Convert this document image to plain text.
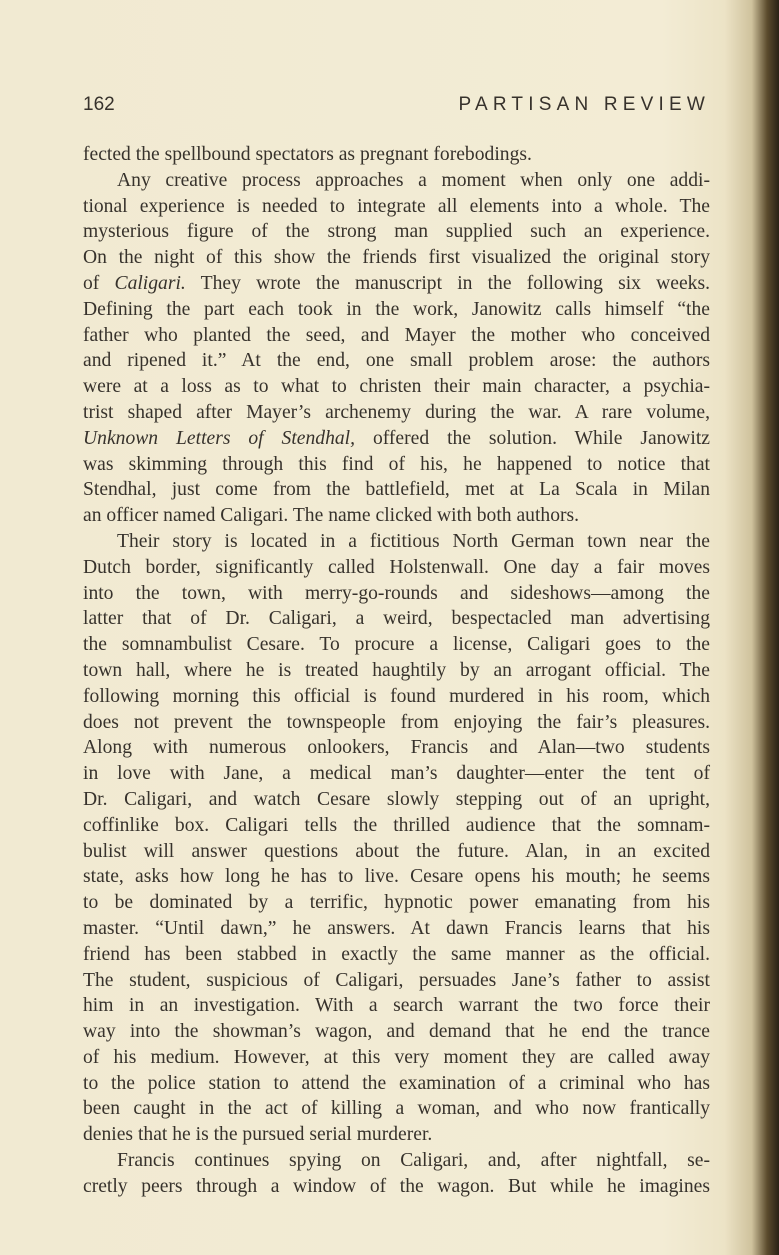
162	PARTISAN REVIEW
fected the spellbound spectators as pregnant forebodings.
Any creative process approaches a moment when only one addi-
tional experience is needed to integrate all elements into a whole. The
mysterious figure of the strong man supplied such an experience.
On the night of this show the friends first visualized the original story
of Caligari. They wrote the manuscript in the following six weeks.
Defining the part each took in the work, Janowitz calls himself “the
father who planted the seed, and Mayer the mother who conceived
and ripened it.” At the end, one small problem arose: the authors
were at a loss as to what to christen their main character, a psychia-
trist shaped after Mayer’s archenemy during the war. A rare volume,
Unknown Letters of Stendhal, offered the solution. While Janowitz
was skimming through this find of his, he happened to notice that
Stendhal, just come from the battlefield, met at La Scala in Milan
an officer named Caligari. The name clicked with both authors.
Their story is located in a fictitious North German town near the
Dutch border, significantly called Holstenwall. One day a fair moves
into the town, with merry-go-rounds and sideshows—among the
latter that of Dr. Caligari, a weird, bespectacled man advertising
the somnambulist Cesare. To procure a license, Caligari goes to the
town hall, where he is treated haughtily by an arrogant official. The
following morning this official is found murdered in his room, which
does not prevent the townspeople from enjoying the fair’s pleasures.
Along with numerous onlookers, Francis and Alan—two students
in love with Jane, a medical man’s daughter—enter the tent of
Dr. Caligari, and watch Cesare slowly stepping out of an upright,
coffinlike box. Caligari tells the thrilled audience that the somnam-
bulist will answer questions about the future. Alan, in an excited
state, asks how long he has to live. Cesare opens his mouth; he seems
to be dominated by a terrific, hypnotic power emanating from his
master. “Until dawn,” he answers. At dawn Francis learns that his
friend has been stabbed in exactly the same manner as the official.
The student, suspicious of Caligari, persuades Jane’s father to assist
him in an investigation. With a search warrant the two force their
way into the showman’s wagon, and demand that he end the trance
of his medium. However, at this very moment they are called away
to the police station to attend the examination of a criminal who has
been caught in the act of killing a woman, and who now frantically
denies that he is the pursued serial murderer.
Francis continues spying on Caligari, and, after nightfall, se-
cretly peers through a window of the wagon. But while he imagines
